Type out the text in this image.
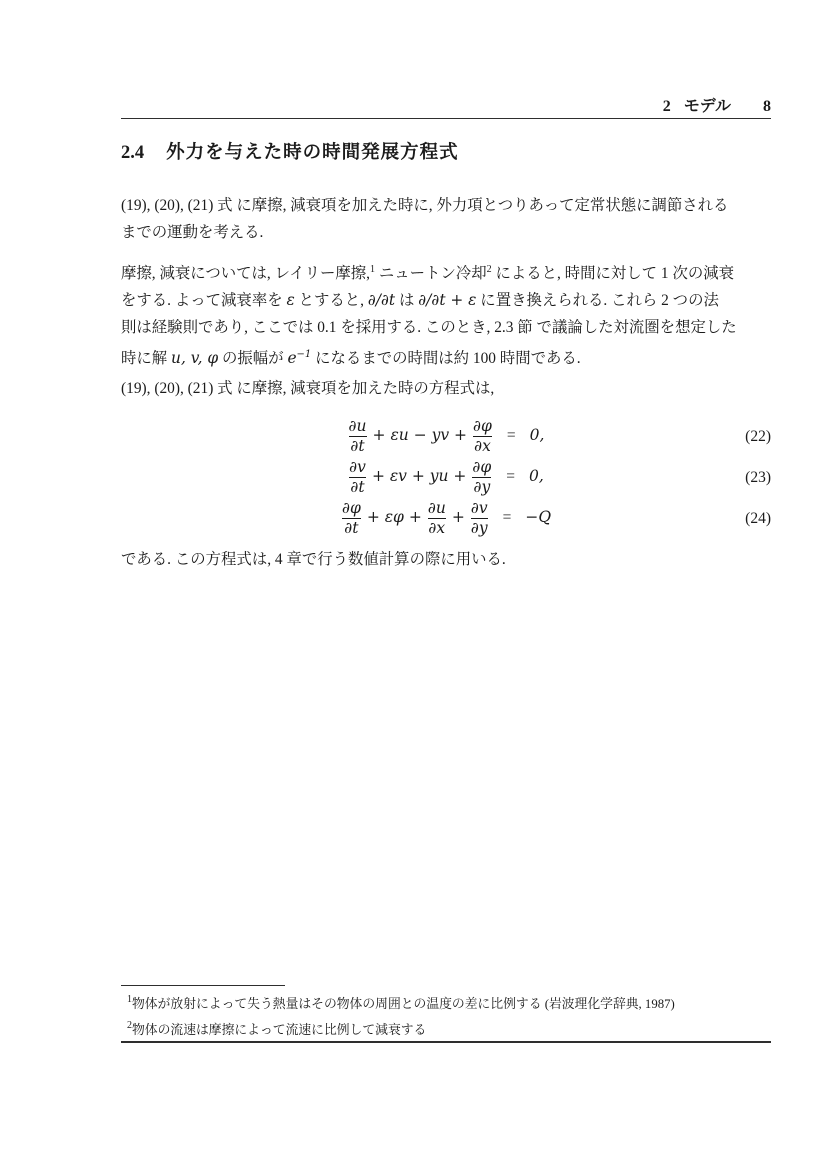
2 モデル 8
2.4 外力を与えた時の時間発展方程式
(19), (20), (21) 式 に摩擦, 減衰項を加えた時に, 外力項とつりあって定常状態に調節される
までの運動を考える.
摩擦, 減衰については, レイリー摩擦,$^1$ ニュートン冷却$^2$ によると, 時間に対して 1 次の減衰
をする. よって減衰率を ε とすると, ∂/∂t は ∂/∂t + ε に置き換えられる. これら 2 つの法
則は経験則であり, ここでは 0.1 を採用する. このとき, 2.3 節 で議論した対流圏を想定した
時に解 u, v, φ の振幅が $e^{-1}$ になるまでの時間は約 100 時間である.
(19), (20), (21) 式 に摩擦, 減衰項を加えた時の方程式は,
$\frac{\partial u}{\partial t} + \varepsilon u$ − yv + $\frac{\partial\varphi}{\partial x} = 0$,	(22)
$\frac{\partial v}{\partial t} + \varepsilon v$ + yu + $\frac{\partial\varphi}{\partial y} = 0$,	(23)
$\frac{\partial\varphi}{\partial t} + \varepsilon\varphi + \frac{\partial u}{\partial x} + \frac{\partial v}{\partial y} = -Q$	(24)
である. この方程式は, 4 章で行う数値計算の際に用いる.
$^1$物体が放射によって失う熱量はその物体の周囲との温度の差に比例する (岩波理化学辞典, 1987)
$^2$物体の流速は摩擦によって流速に比例して減衰する
